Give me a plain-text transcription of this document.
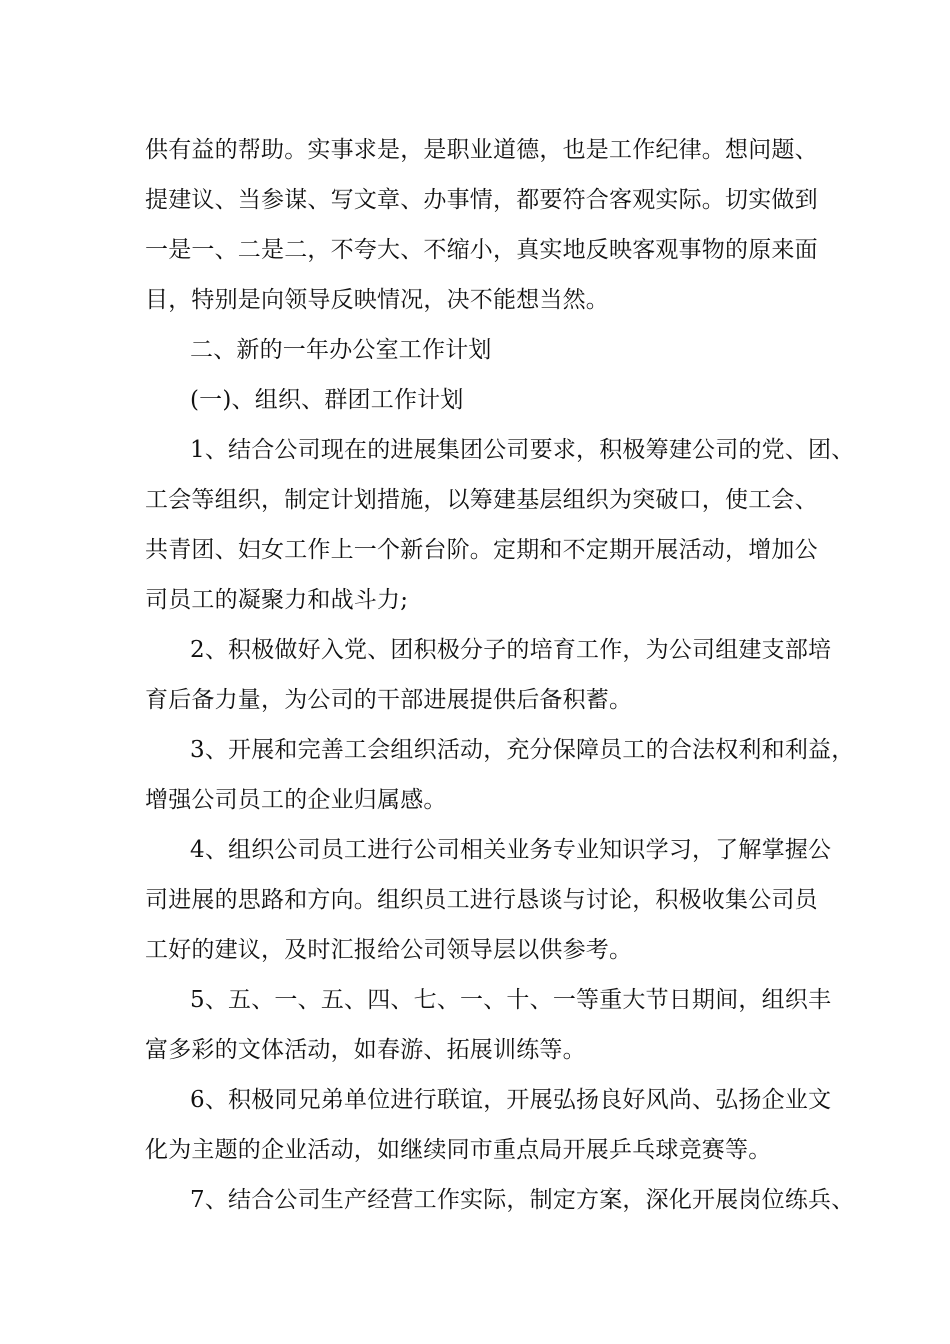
供有益的帮助。实事求是，是职业道德，也是工作纪律。想问题、
提建议、当参谋、写文章、办事情，都要符合客观实际。切实做到
一是一、二是二，不夸大、不缩小，真实地反映客观事物的原来面
目，特别是向领导反映情况，决不能想当然。
二、新的一年办公室工作计划
(一)、组织、群团工作计划
1、结合公司现在的进展集团公司要求，积极筹建公司的党、团、
工会等组织，制定计划措施，以筹建基层组织为突破口，使工会、
共青团、妇女工作上一个新台阶。定期和不定期开展活动，增加公
司员工的凝聚力和战斗力;
2、积极做好入党、团积极分子的培育工作，为公司组建支部培
育后备力量，为公司的干部进展提供后备积蓄。
3、开展和完善工会组织活动，充分保障员工的合法权利和利益，
增强公司员工的企业归属感。
4、组织公司员工进行公司相关业务专业知识学习，了解掌握公
司进展的思路和方向。组织员工进行恳谈与讨论，积极收集公司员
工好的建议，及时汇报给公司领导层以供参考。
5、五、一、五、四、七、一、十、一等重大节日期间，组织丰
富多彩的文体活动，如春游、拓展训练等。
6、积极同兄弟单位进行联谊，开展弘扬良好风尚、弘扬企业文
化为主题的企业活动，如继续同市重点局开展乒乓球竞赛等。
7、结合公司生产经营工作实际，制定方案，深化开展岗位练兵、
